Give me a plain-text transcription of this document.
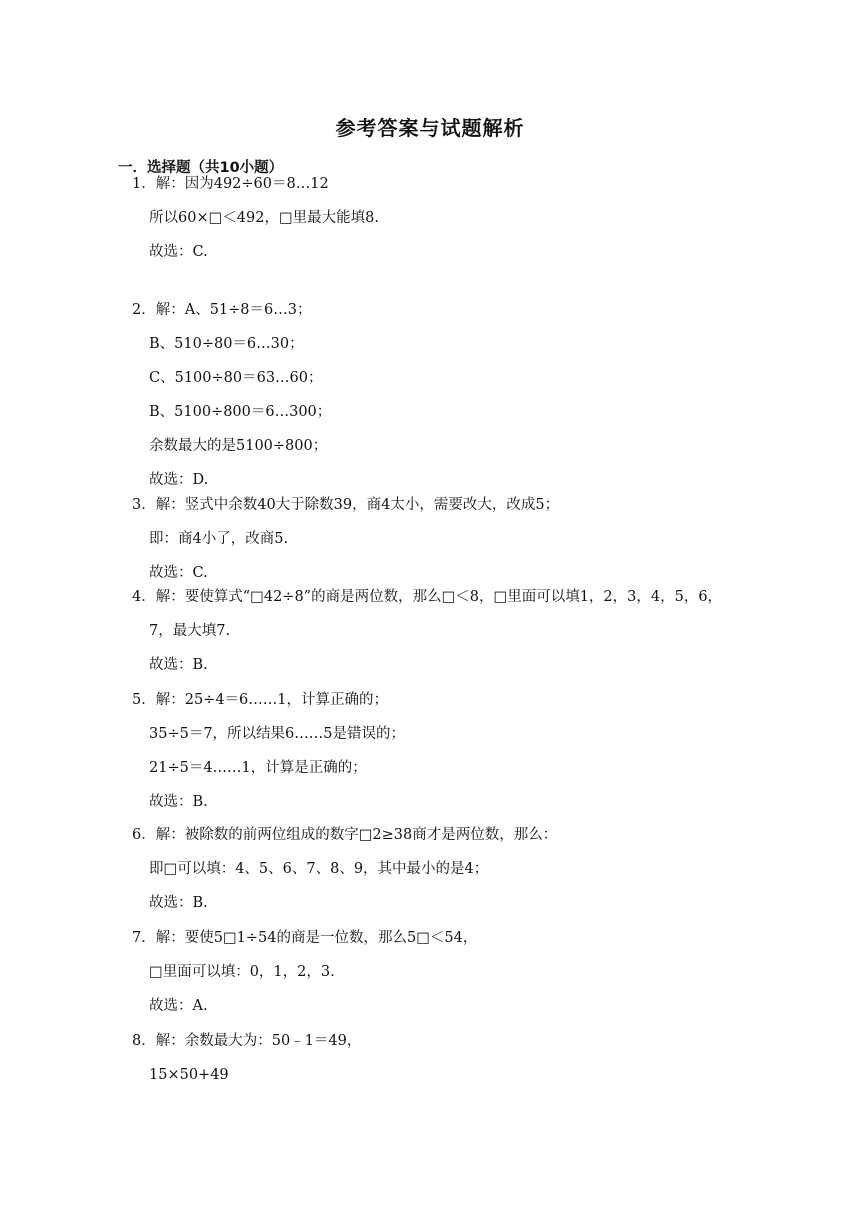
参考答案与试题解析
一．选择题（共10小题）
1．解：因为492÷60＝8…12
所以60×□＜492，□里最大能填8.
故选：C.
2．解：A、51÷8＝6…3；
B、510÷80＝6…30；
C、5100÷80＝63…60；
B、5100÷800＝6…300；
余数最大的是5100÷800；
故选：D.
3．解：竖式中余数40大于除数39，商4太小，需要改大，改成5；
即：商4小了，改商5.
故选：C.
4．解：要使算式“□42÷8”的商是两位数，那么□＜8，□里面可以填1，2，3，4，5，6，
7，最大填7.
故选：B.
5．解：25÷4＝6……1，计算正确的；
35÷5＝7，所以结果6……5是错误的；
21÷5＝4……1，计算是正确的；
故选：B.
6．解：被除数的前两位组成的数字□2≥38商才是两位数，那么：
即□可以填：4、5、6、7、8、9，其中最小的是4；
故选：B.
7．解：要使5□1÷54的商是一位数，那么5□＜54，
□里面可以填：0，1，2，3.
故选：A.
8．解：余数最大为：50﹣1＝49，
15×50+49
